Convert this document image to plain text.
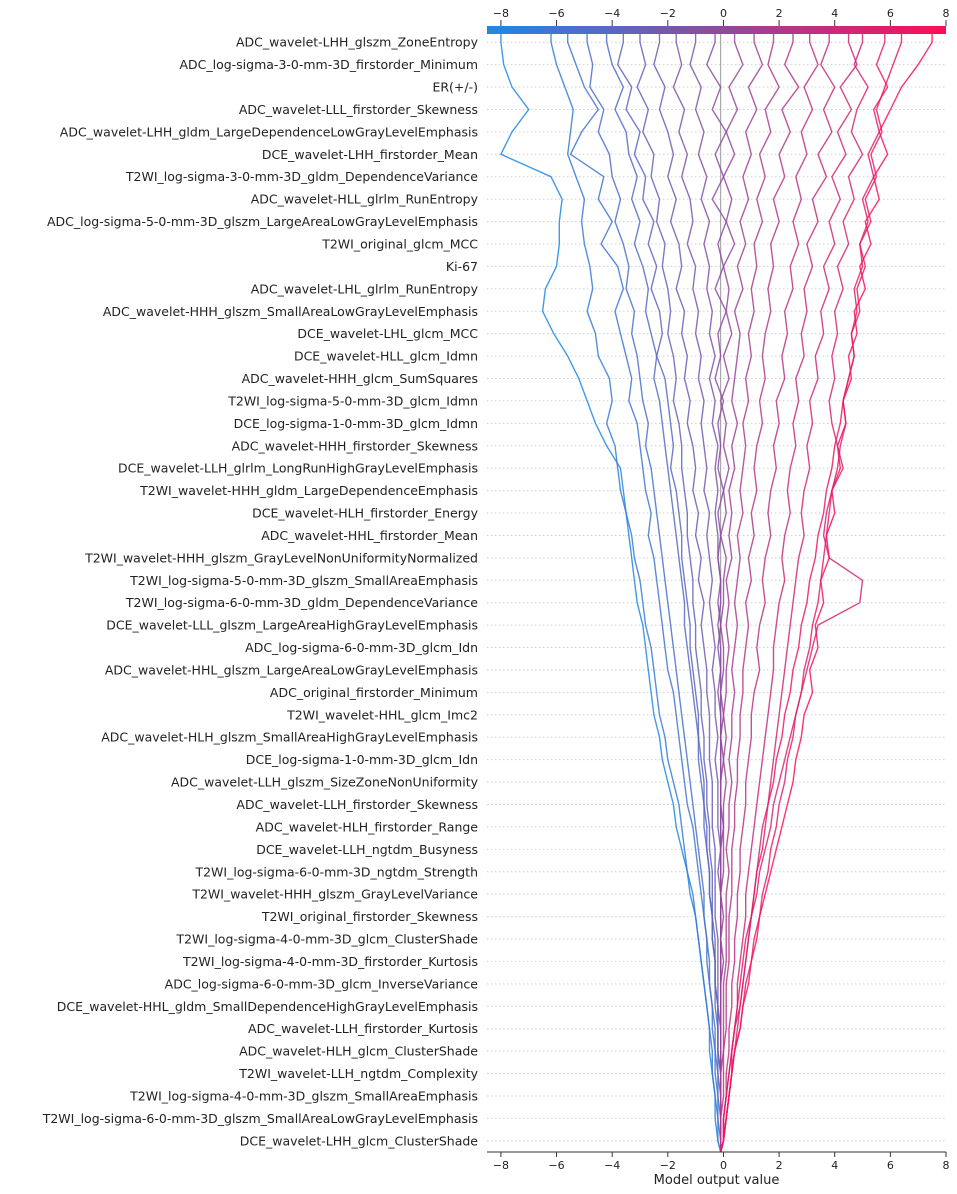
ADC_wavelet-LHH_glszm_ZoneEntropy
ADC_log-sigma-3-0-mm-3D_firstorder_Minimum
ER(+/-)
ADC_wavelet-LLL_firstorder_Skewness
ADC_wavelet-LHH_gldm_LargeDependenceLowGrayLevelEmphasis
DCE_wavelet-LHH_firstorder_Mean
T2WI_log-sigma-3-0-mm-3D_gldm_DependenceVariance
ADC_wavelet-HLL_glrlm_RunEntropy
ADC_log-sigma-5-0-mm-3D_glszm_LargeAreaLowGrayLevelEmphasis
T2WI_original_glcm_MCC
Ki-67
ADC_wavelet-LHL_glrlm_RunEntropy
ADC_wavelet-HHH_glszm_SmallAreaLowGrayLevelEmphasis
DCE_wavelet-LHL_glcm_MCC
DCE_wavelet-HLL_glcm_Idmn
ADC_wavelet-HHH_glcm_SumSquares
T2WI_log-sigma-5-0-mm-3D_glcm_Idmn
DCE_log-sigma-1-0-mm-3D_glcm_Idmn
ADC_wavelet-HHH_firstorder_Skewness
DCE_wavelet-LLH_glrlm_LongRunHighGrayLevelEmphasis
T2WI_wavelet-HHH_gldm_LargeDependenceEmphasis
DCE_wavelet-HLH_firstorder_Energy
ADC_wavelet-HHL_firstorder_Mean
T2WI_wavelet-HHH_glszm_GrayLevelNonUniformityNormalized
T2WI_log-sigma-5-0-mm-3D_glszm_SmallAreaEmphasis
T2WI_log-sigma-6-0-mm-3D_gldm_DependenceVariance
DCE_wavelet-LLL_glszm_LargeAreaHighGrayLevelEmphasis
ADC_log-sigma-6-0-mm-3D_glcm_Idn
ADC_wavelet-HHL_glszm_LargeAreaLowGrayLevelEmphasis
ADC_original_firstorder_Minimum
T2WI_wavelet-HHL_glcm_Imc2
ADC_wavelet-HLH_glszm_SmallAreaHighGrayLevelEmphasis
DCE_log-sigma-1-0-mm-3D_glcm_Idn
ADC_wavelet-LLH_glszm_SizeZoneNonUniformity
ADC_wavelet-LLH_firstorder_Skewness
ADC_wavelet-HLH_firstorder_Range
DCE_wavelet-LLH_ngtdm_Busyness
T2WI_log-sigma-6-0-mm-3D_ngtdm_Strength
T2WI_wavelet-HHH_glszm_GrayLevelVariance
T2WI_original_firstorder_Skewness
T2WI_log-sigma-4-0-mm-3D_glcm_ClusterShade
T2WI_log-sigma-4-0-mm-3D_firstorder_Kurtosis
ADC_log-sigma-6-0-mm-3D_glcm_InverseVariance
DCE_wavelet-HHL_gldm_SmallDependenceHighGrayLevelEmphasis
ADC_wavelet-LLH_firstorder_Kurtosis
ADC_wavelet-HLH_glcm_ClusterShade
T2WI_wavelet-LLH_ngtdm_Complexity
T2WI_log-sigma-4-0-mm-3D_glszm_SmallAreaEmphasis
T2WI_log-sigma-6-0-mm-3D_glszm_SmallAreaLowGrayLevelEmphasis
DCE_wavelet-LHH_glcm_ClusterShade
−8
−8
−6
−6
−4
−4
−2
−2
0
0
2
2
4
4
6
6
8
8
Model output value
